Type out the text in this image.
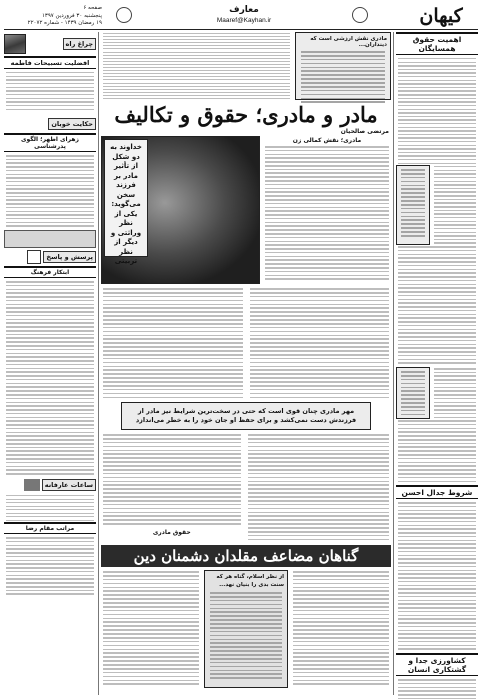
کیهان
معارف
Maaref@Kayhan.ir
صفحه ۶
پنجشنبه ۳۰ فروردین ۱۳۹۷
۱۹ رمضان ۱۴۳۹ - شماره ۲۲۰۷۲
اهمیت حقوق همسایگان
شروط جدال احسن
کشاورزی جدا و گشتکاری انسان
مادری نقش ارزشی است که دینداران...
مادر و مادری؛ حقوق و تکالیف
مرتضی صالحیان
مادری؛ نقش کمالی زن
خداوند به دو شکل از تأثیر مادر بر فرزند سخن می‌گوید: یکی از نظر وراثتی و دیگر از نظر تربیتی
مهر مادری چنان قوی است که حتی در سخت‌ترین شرایط نیز مادر از فرزندش دست نمی‌کشد و برای حفظ او جان خود را به خطر می‌اندازد
حقوق مادری
گناهان مضاعف مقلدان دشمنان دین
از نظر اسلام، گناه هر که سنت بدی را بنیان نهد...
چراغ راه
افضلیت تسبیحات فاطمه
حکایت خوبان
زهرای اطهر؛ الگوی پدرشناسی
پرسش و پاسخ
ابتکار فرهنگ
ساعات عارفانه
مراتب مقام رضا
